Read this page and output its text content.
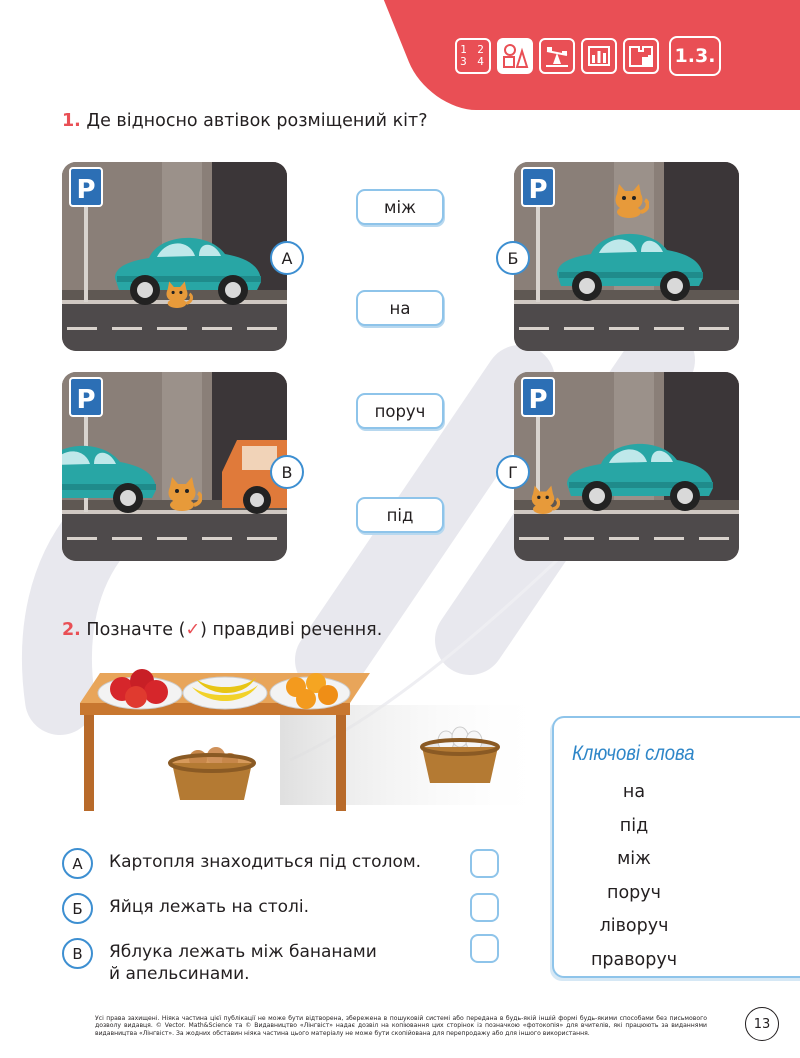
1 2
3 4	1.3.
1. Де відносно автівок розміщений кіт?
А	Б
В	Г
між
на
поруч
під
2. Позначте (✓) правдиві речення.
А	Картопля знаходиться під столом.
Б	Яйця лежать на столі.
В	Яблука лежать між бананами
й апельсинами.
Ключові слова
на
під
між
поруч
ліворуч
праворуч
Усі права захищені. Ніяка частина цієї публікації не може бути відтворена, збережена в пошуковій системі або передана в будь-якій іншій формі будь-якими способами без письмового дозволу видавця. © Vector. Math&Science та © Видавництво «Лінгвіст» надає дозвіл на копіювання цих сторінок із позначкою «фотокопія» для вчителів, які працюють за виданнями видавництва «Лінгвіст». За жодних обставин ніяка частина цього матеріалу не може бути скопійована для перепродажу або для іншого використання.
13
